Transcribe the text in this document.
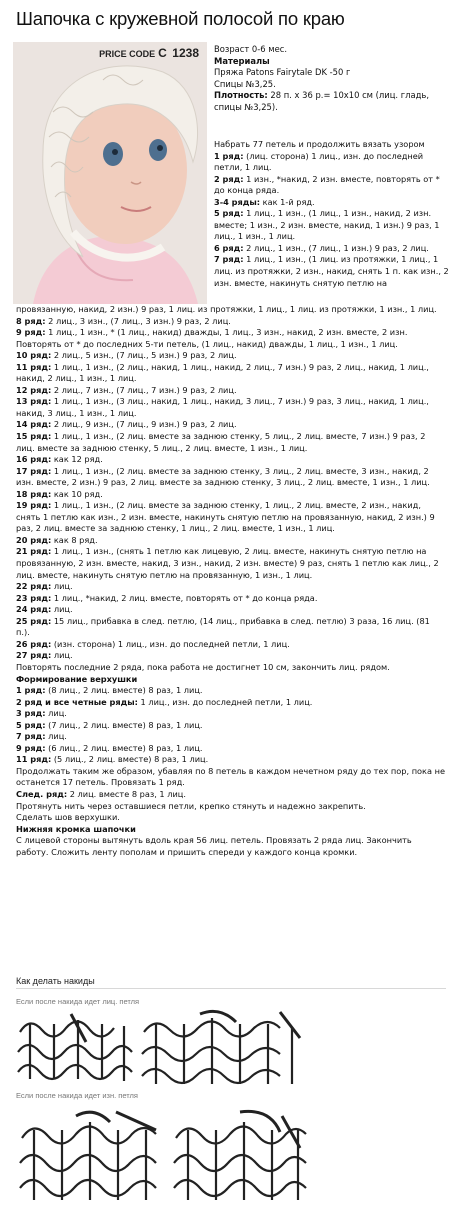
Шапочка с кружевной полосой по краю
PRICE CODE C 1238 Возраст 0-6 мес.
Материалы
Пряжа Patons Fairytale DK -50 г
Спицы №3,25.
Плотность: 28 п. х 36 р.= 10х10 см (лиц. гладь,
спицы №3,25).
Набрать 77 петель и продолжить вязать узором
1 ряд: (лиц. сторона) 1 лиц., изн. до последней петли, 1 лиц.
2 ряд: 1 изн., *накид, 2 изн. вместе, повторять от * до конца ряда.
3-4 ряды: как 1-й ряд.
5 ряд: 1 лиц., 1 изн., (1 лиц., 1 изн., накид, 2 изн. вместе; 1 изн., 2 изн. вместе, накид, 1 изн.) 9 раз, 1 лиц., 1 изн., 1 лиц.
6 ряд: 2 лиц., 1 изн., (7 лиц., 1 изн.) 9 раз, 2 лиц.
7 ряд: 1 лиц., 1 изн., (1 лиц. из протяжки, 1 лиц., 1 лиц. из протяжки, 2 изн., накид, снять 1 п. как изн., 2 изн. вместе, накинуть снятую петлю на
провязанную, накид, 2 изн.) 9 раз, 1 лиц. из протяжки, 1 лиц., 1 лиц. из протяжки, 1 изн., 1 лиц.
8 ряд: 2 лиц., 3 изн., (7 лиц., 3 изн.) 9 раз, 2 лиц.
9 ряд: 1 лиц., 1 изн., * (1 лиц., накид) дважды, 1 лиц., 3 изн., накид, 2 изн. вместе, 2 изн. Повторять от * до последних 5-ти петель, (1 лиц., накид) дважды, 1 лиц., 1 изн., 1 лиц.
10 ряд: 2 лиц., 5 изн., (7 лиц., 5 изн.) 9 раз, 2 лиц.
11 ряд: 1 лиц., 1 изн., (2 лиц., накид, 1 лиц., накид, 2 лиц., 7 изн.) 9 раз, 2 лиц., накид, 1 лиц., накид, 2 лиц., 1 изн., 1 лиц.
12 ряд: 2 лиц., 7 изн., (7 лиц., 7 изн.) 9 раз, 2 лиц.
13 ряд: 1 лиц., 1 изн., (3 лиц., накид, 1 лиц., накид, 3 лиц., 7 изн.) 9 раз, 3 лиц., накид, 1 лиц., накид, 3 лиц., 1 изн., 1 лиц.
14 ряд: 2 лиц., 9 изн., (7 лиц., 9 изн.) 9 раз, 2 лиц.
15 ряд: 1 лиц., 1 изн., (2 лиц. вместе за заднюю стенку, 5 лиц., 2 лиц. вместе, 7 изн.) 9 раз, 2 лиц. вместе за заднюю стенку, 5 лиц., 2 лиц. вместе, 1 изн., 1 лиц.
16 ряд: как 12 ряд.
17 ряд: 1 лиц., 1 изн., (2 лиц. вместе за заднюю стенку, 3 лиц., 2 лиц. вместе, 3 изн., накид, 2 изн. вместе, 2 изн.) 9 раз, 2 лиц. вместе за заднюю стенку, 3 лиц., 2 лиц. вместе, 1 изн., 1 лиц.
18 ряд: как 10 ряд.
19 ряд: 1 лиц., 1 изн., (2 лиц. вместе за заднюю стенку, 1 лиц., 2 лиц. вместе, 2 изн., накид, снять 1 петлю как изн., 2 изн. вместе, накинуть снятую петлю на провязанную, накид, 2 изн.) 9 раз, 2 лиц. вместе за заднюю стенку, 1 лиц., 2 лиц. вместе, 1 изн., 1 лиц.
20 ряд: как 8 ряд.
21 ряд: 1 лиц., 1 изн., (снять 1 петлю как лицевую, 2 лиц. вместе, накинуть снятую петлю на провязанную, 2 изн. вместе, накид, 3 изн., накид, 2 изн. вместе) 9 раз, снять 1 петлю как лиц., 2 лиц. вместе, накинуть снятую петлю на провязанную, 1 изн., 1 лиц.
22 ряд: лиц.
23 ряд: 1 лиц., *накид, 2 лиц. вместе, повторять от * до конца ряда.
24 ряд: лиц.
25 ряд: 15 лиц., прибавка в след. петлю, (14 лиц., прибавка в след. петлю) 3 раза, 16 лиц. (81 п.).
26 ряд: (изн. сторона) 1 лиц., изн. до последней петли, 1 лиц.
27 ряд: лиц.
Повторять последние 2 ряда, пока работа не достигнет 10 см, закончить лиц. рядом.
Формирование верхушки
1 ряд: (8 лиц., 2 лиц. вместе) 8 раз, 1 лиц.
2 ряд и все четные ряды: 1 лиц., изн. до последней петли, 1 лиц.
3 ряд: лиц.
5 ряд: (7 лиц., 2 лиц. вместе) 8 раз, 1 лиц.
7 ряд: лиц.
9 ряд: (6 лиц., 2 лиц. вместе) 8 раз, 1 лиц.
11 ряд: (5 лиц., 2 лиц. вместе) 8 раз, 1 лиц.
Продолжать таким же образом, убавляя по 8 петель в каждом нечетном ряду до тех пор, пока не останется 17 петель. Провязать 1 ряд.
След. ряд: 2 лиц. вместе 8 раз, 1 лиц.
Протянуть нить через оставшиеся петли, крепко стянуть и надежно закрепить.
Сделать шов верхушки.
Нижняя кромка шапочки
С лицевой стороны вытянуть вдоль края 56 лиц. петель. Провязать 2 ряда лиц. Закончить работу. Сложить ленту пополам и пришить спереди у каждого конца кромки.
Как делать накиды
Если после накида идет лиц. петля
Если после накида идет изн. петля
